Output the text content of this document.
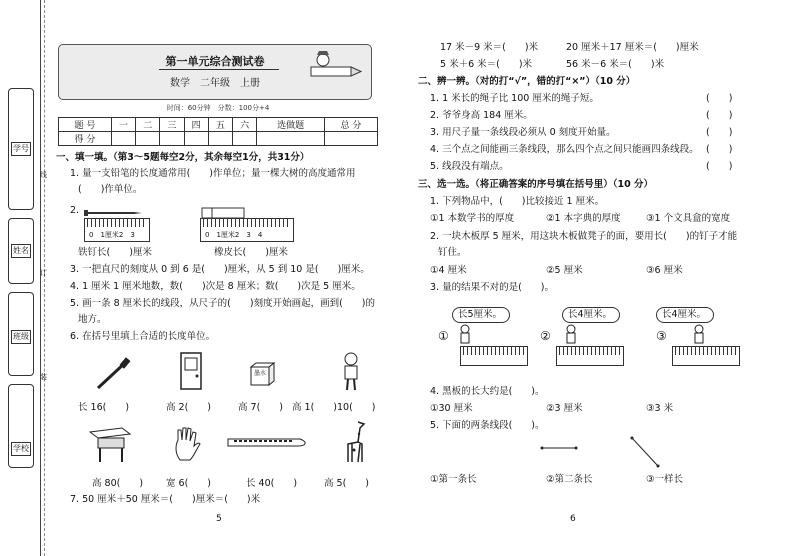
学号
姓名
班级
学校
线
订
装
第一单元综合测试卷
数学　二年级　上册
时间：60分钟　分数：100分+4
题 号	一	二	三	四	五	六	选做题	总 分
得 分								
一、填一填。（第3～5题每空2分，其余每空1分，共31分）
1. 量一支铅笔的长度通常用(　　)作单位；量一棵大树的高度通常用
(　　)作单位。
2.
0　1厘米2　3	0　1厘米2　3　4
铁钉长(　　)厘米	橡皮长(　　)厘米
3. 一把直尺的刻度从 0 到 6 是(　　)厘米，从 5 到 10 是(　　)厘米。
4. 1 厘米 1 厘米地数，数(　　)次是 8 厘米；数(　　)次是 5 厘米。
5. 画一条 8 厘米长的线段，从尺子的(　　)刻度开始画起，画到(　　)的
地方。
6. 在括号里填上合适的长度单位。
墨水
长 16(　　)	高 2(　　)	高 7(　　) 高 1(　　)10(　　)
高 80(　　) 宽 6(　　)	长 40(　　)	高 5(　　)
7. 50 厘米＋50 厘米＝(　　)厘米＝(　　)米
5
17 米－9 米＝(　　)米	20 厘米＋17 厘米＝(　　)厘米
5 米＋6 米＝(　　)米	56 米－6 米＝(　　)米
二、辨一辨。（对的打“√”，错的打“×”）（10 分）
1. 1 米长的绳子比 100 厘米的绳子短。
2. 爷爷身高 184 厘米。
3. 用尺子量一条线段必须从 0 刻度开始量。
4. 三个点之间能画三条线段，那么四个点之间只能画四条线段。
5. 线段没有端点。
(　　)
(　　)
(　　)
(　　)
(　　)
三、选一选。（将正确答案的序号填在括号里）（10 分）
1. 下列物品中，(　　)比较接近 1 厘米。
①1 本数学书的厚度	②1 本字典的厚度	③1 个文具盒的宽度
2. 一块木板厚 5 厘米，用这块木板做凳子的面，要用长(　　)的钉子才能
钉住。
①4 厘米	②5 厘米	③6 厘米
3. 量的结果不对的是(　　)。
①	②	③
长5厘米。	长4厘米。	长4厘米。
4. 黑板的长大约是(　　)。
①30 厘米	②3 厘米	③3 米
5. 下面的两条线段(　　)。
①第一条长	②第二条长	③一样长
6
